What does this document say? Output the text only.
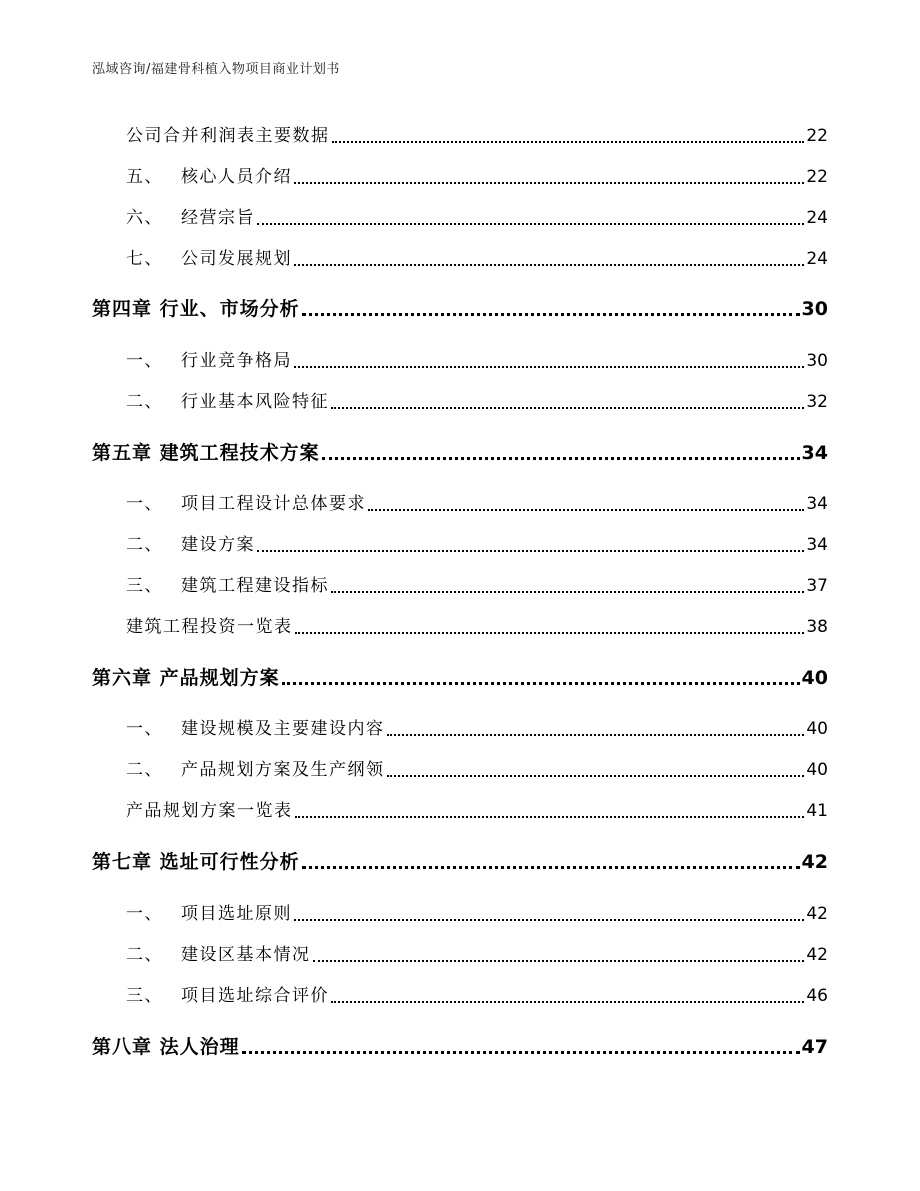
泓域咨询/福建骨科植入物项目商业计划书
公司合并利润表主要数据	22
五、 核心人员介绍	22
六、 经营宗旨	24
七、 公司发展规划	24
第四章 行业、市场分析	30
一、 行业竞争格局	30
二、 行业基本风险特征	32
第五章 建筑工程技术方案	34
一、 项目工程设计总体要求	34
二、 建设方案	34
三、 建筑工程建设指标	37
建筑工程投资一览表	38
第六章 产品规划方案	40
一、 建设规模及主要建设内容	40
二、 产品规划方案及生产纲领	40
产品规划方案一览表	41
第七章 选址可行性分析	42
一、 项目选址原则	42
二、 建设区基本情况	42
三、 项目选址综合评价	46
第八章 法人治理	47
